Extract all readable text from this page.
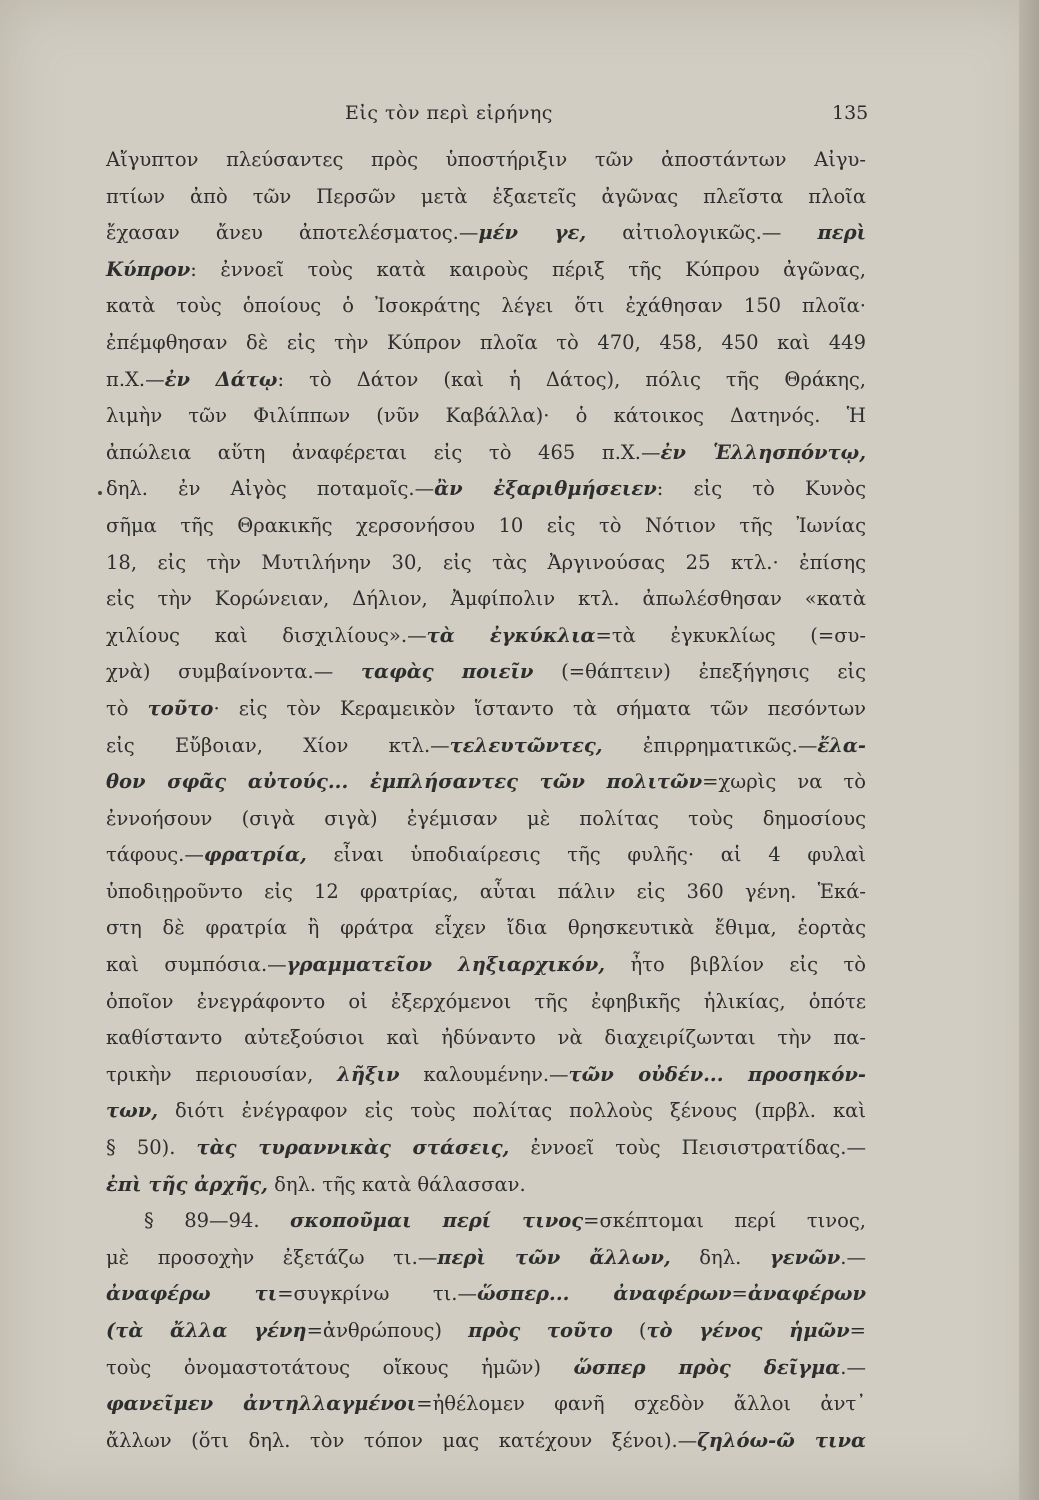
Εἰς τὸν περὶ εἰρήνης	135
Αἴγυπτον πλεύσαντες πρὸς ὑποστήριξιν τῶν ἀποστάντων Αἰγυ-
πτίων ἀπὸ τῶν Περσῶν μετὰ ἑξαετεῖς ἀγῶνας πλεῖστα πλοῖα
ἔχασαν ἄνευ ἀποτελέσματος.—μέν γε, αἰτιολογικῶς.— περὶ
Κύπρον: ἐννοεῖ τοὺς κατὰ καιροὺς πέριξ τῆς Κύπρου ἀγῶνας,
κατὰ τοὺς ὁποίους ὁ Ἰσοκράτης λέγει ὅτι ἐχάθησαν 150 πλοῖα·
ἐπέμφθησαν δὲ εἰς τὴν Κύπρον πλοῖα τὸ 470, 458, 450 καὶ 449
π.Χ.—ἐν Δάτῳ: τὸ Δάτον (καὶ ἡ Δάτος), πόλις τῆς Θράκης,
λιμὴν τῶν Φιλίππων (νῦν Καβάλλα)· ὁ κάτοικος Δατηνός. Ἡ
ἀπώλεια αὕτη ἀναφέρεται εἰς τὸ 465 π.Χ.—ἐν Ἑλλησπόντῳ,
δηλ. ἐν Αἰγὸς ποταμοῖς.—ἂν ἐξαριθμήσειεν: εἰς τὸ Κυνὸς
σῆμα τῆς Θρακικῆς χερσονήσου 10 εἰς τὸ Νότιον τῆς Ἰωνίας
18, εἰς τὴν Μυτιλήνην 30, εἰς τὰς Ἀργινούσας 25 κτλ.· ἐπίσης
εἰς τὴν Κορώνειαν, Δήλιον, Ἀμφίπολιν κτλ. ἀπωλέσθησαν «κατὰ
χιλίους καὶ δισχιλίους».—τὰ ἐγκύκλια=τὰ ἐγκυκλίως (=συ-
χνὰ) συμβαίνοντα.— ταφὰς ποιεῖν (=θάπτειν) ἐπεξήγησις εἰς
τὸ τοῦτο· εἰς τὸν Κεραμεικὸν ἵσταντο τὰ σήματα τῶν πεσόντων
εἰς Εὔβοιαν, Χίον κτλ.—τελευτῶντες, ἐπιρρηματικῶς.—ἔλα-
θον σφᾶς αὐτούς... ἐμπλήσαντες τῶν πολιτῶν=χωρὶς να τὸ
ἐννοήσουν (σιγὰ σιγὰ) ἐγέμισαν μὲ πολίτας τοὺς δημοσίους
τάφους.—φρατρία, εἶναι ὑποδιαίρεσις τῆς φυλῆς· αἱ 4 φυλαὶ
ὑποδιῃροῦντο εἰς 12 φρατρίας, αὗται πάλιν εἰς 360 γένη. Ἑκά-
στη δὲ φρατρία ἢ φράτρα εἶχεν ἴδια θρησκευτικὰ ἔθιμα, ἑορτὰς
καὶ συμπόσια.—γραμματεῖον ληξιαρχικόν, ἦτο βιβλίον εἰς τὸ
ὁποῖον ἐνεγράφοντο οἱ ἐξερχόμενοι τῆς ἐφηβικῆς ἡλικίας, ὁπότε
καθίσταντο αὐτεξούσιοι καὶ ἠδύναντο νὰ διαχειρίζωνται τὴν πα-
τρικὴν περιουσίαν, λῆξιν καλουμένην.—τῶν οὐδέν... προσηκόν-
των, διότι ἐνέγραφον εἰς τοὺς πολίτας πολλοὺς ξένους (πρβλ. καὶ
§ 50). τὰς τυραννικὰς στάσεις, ἐννοεῖ τοὺς Πεισιστρατίδας.—
ἐπὶ τῆς ἀρχῆς, δηλ. τῆς κατὰ θάλασσαν.
§ 89—94. σκοποῦμαι περί τινος=σκέπτομαι περί τινος,
μὲ προσοχὴν ἐξετάζω τι.—περὶ τῶν ἄλλων, δηλ. γενῶν.—
ἀναφέρω τι=συγκρίνω τι.—ὥσπερ... ἀναφέρων=ἀναφέρων
(τὰ ἄλλα γένη=ἀνθρώπους) πρὸς τοῦτο (τὸ γένος ἡμῶν=
τοὺς ὀνομαστοτάτους οἴκους ἡμῶν) ὥσπερ πρὸς δεῖγμα.—
φανεῖμεν ἀντηλλαγμένοι=ἠθέλομεν φανῆ σχεδὸν ἄλλοι ἀντ᾽
ἄλλων (ὅτι δηλ. τὸν τόπον μας κατέχουν ξένοι).—ζηλόω-ῶ τινα
